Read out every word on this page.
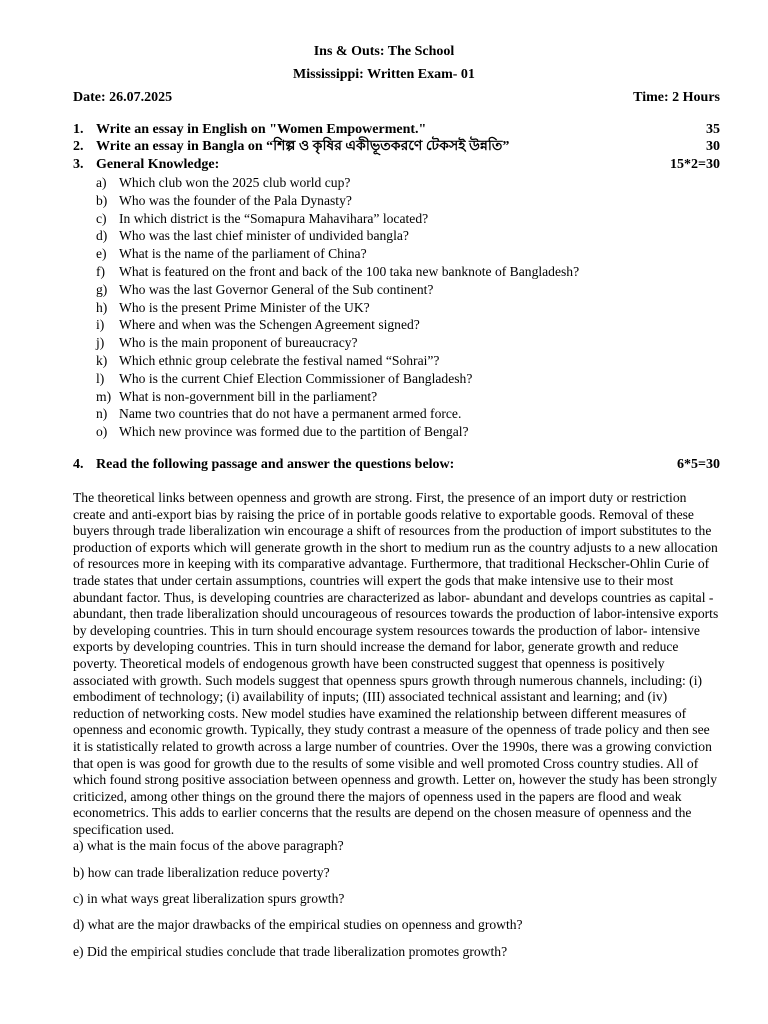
Ins & Outs: The School
Mississippi: Written Exam- 01
Date: 26.07.2025	Time: 2 Hours
1. Write an essay in English on "Women Empowerment."	35
2. Write an essay in Bangla on “শিল্প ও কৃষির একীভূতকরণে টেকসই উন্নতি”	30
3. General Knowledge:	15*2=30
a) Which club won the 2025 club world cup?
b) Who was the founder of the Pala Dynasty?
c) In which district is the “Somapura Mahavihara” located?
d) Who was the last chief minister of undivided bangla?
e) What is the name of the parliament of China?
f)	What is featured on the front and back of the 100 taka new banknote of Bangladesh?
g) Who was the last Governor General of the Sub continent?
h) Who is the present Prime Minister of the UK?
i)	Where and when was the Schengen Agreement signed?
j)	Who is the main proponent of bureaucracy?
k) Which ethnic group celebrate the festival named “Sohrai”?
l)	Who is the current Chief Election Commissioner of Bangladesh?
m) What is non-government bill in the parliament?
n) Name two countries that do not have a permanent armed force.
o) Which new province was formed due to the partition of Bengal?
4. Read the following passage and answer the questions below:	6*5=30

The theoretical links between openness and growth are strong. First, the presence of an import duty or restriction create and anti-export bias by raising the price of in portable goods relative to exportable goods. Removal of these buyers through trade liberalization win encourage a shift of resources from the production of import substitutes to the production of exports which will generate growth in the short to medium run as the country adjusts to a new allocation of resources more in keeping with its comparative advantage. Furthermore, that traditional Heckscher-Ohlin Curie of trade states that under certain assumptions, countries will expert the gods that make intensive use to their most abundant factor. Thus, is developing countries are characterized as labor- abundant and develops countries as capital -abundant, then trade liberalization should uncouragеous of resources towards the production of labor-intensive exports by developing countries. This in turn should encourage system resources towards the production of labor- intensive exports by developing countries. This in turn should increase the demand for labor, generate growth and reduce poverty. Theoretical models of endogenous growth have been constructed suggest that openness is positively associated with growth. Such models suggest that openness spurs growth through numerous channels, including: (i) embodiment of technology; (i) availability of inputs; (III) associated technical assistant and learning; and (iv) reduction of networking costs. New model studies have examined the relationship between different measures of openness and economic growth. Typically, they study contrast a measure of the openness of trade policy and then see it is statistically related to growth across a large number of countries. Over the 1990s, there was a growing conviction that open is was good for growth due to the results of some visible and well promoted Cross country studies. All of which found strong positive association between openness and growth. Letter on, however the study has been strongly criticized, among other things on the ground there the majors of openness used in the papers are flood and weak econometrics. This adds to earlier concerns that the results are depend on the chosen measure of openness and the specification used.

a) what is the main focus of the above paragraph?
b) how can trade liberalization reduce poverty?
c) in what ways great liberalization spurs growth?
d) what are the major drawbacks of the empirical studies on openness and growth?
e) Did the empirical studies conclude that trade liberalization promotes growth?
